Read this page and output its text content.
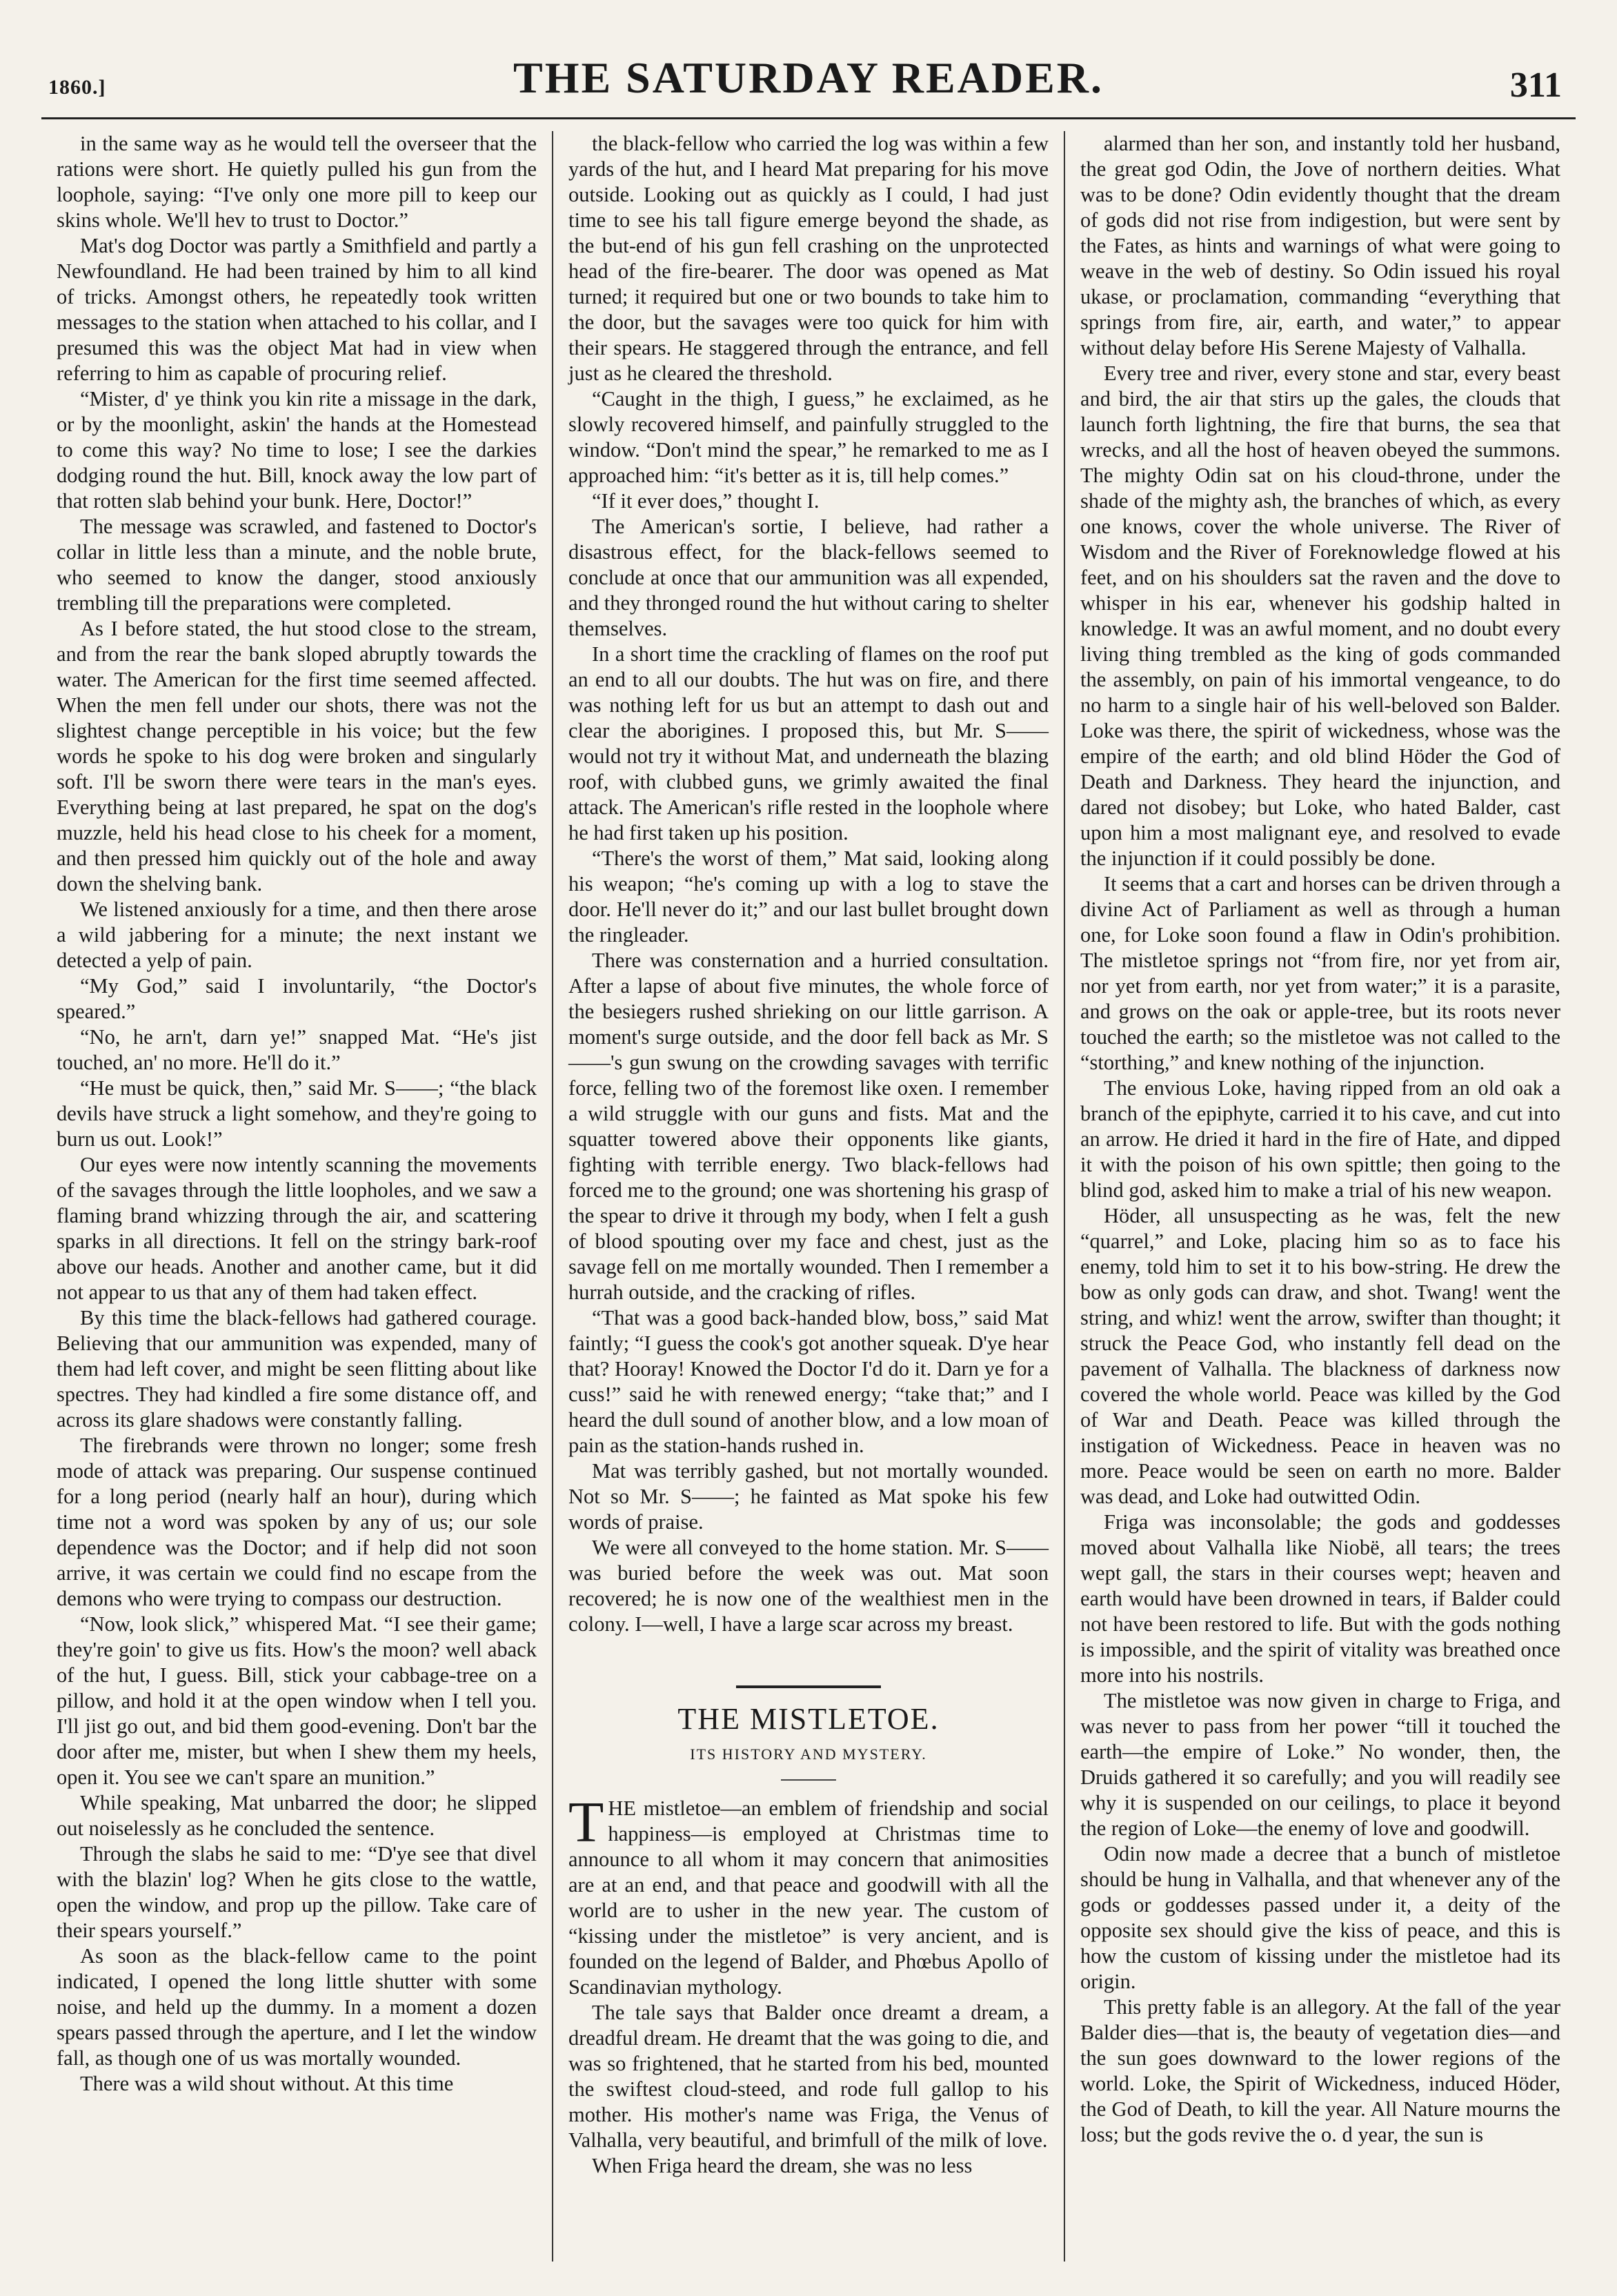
1860.]	THE SATURDAY READER.	311

in the same way as he would tell the overseer that the rations were short. He quietly pulled his gun from the loophole, saying: “I've only one more pill to keep our skins whole. We'll hev to trust to Doctor.”

Mat's dog Doctor was partly a Smithfield and partly a Newfoundland. He had been trained by him to all kind of tricks. Amongst others, he repeatedly took written messages to the station when attached to his collar, and I presumed this was the object Mat had in view when referring to him as capable of procuring relief.

“Mister, d' ye think you kin rite a missage in the dark, or by the moonlight, askin' the hands at the Homestead to come this way? No time to lose; I see the darkies dodging round the hut. Bill, knock away the low part of that rotten slab behind your bunk. Here, Doctor!”

The message was scrawled, and fastened to Doctor's collar in little less than a minute, and the noble brute, who seemed to know the danger, stood anxiously trembling till the preparations were completed.

As I before stated, the hut stood close to the stream, and from the rear the bank sloped abruptly towards the water. The American for the first time seemed affected. When the men fell under our shots, there was not the slightest change perceptible in his voice; but the few words he spoke to his dog were broken and singularly soft. I'll be sworn there were tears in the man's eyes. Everything being at last prepared, he spat on the dog's muzzle, held his head close to his cheek for a moment, and then pressed him quickly out of the hole and away down the shelving bank.

We listened anxiously for a time, and then there arose a wild jabbering for a minute; the next instant we detected a yelp of pain.

“My God,” said I involuntarily, “the Doctor's speared.”

“No, he arn't, darn ye!” snapped Mat. “He's jist touched, an' no more. He'll do it.”

“He must be quick, then,” said Mr. S——; “the black devils have struck a light somehow, and they're going to burn us out. Look!”

Our eyes were now intently scanning the movements of the savages through the little loopholes, and we saw a flaming brand whizzing through the air, and scattering sparks in all directions. It fell on the stringy bark-roof above our heads. Another and another came, but it did not appear to us that any of them had taken effect.

By this time the black-fellows had gathered courage. Believing that our ammunition was expended, many of them had left cover, and might be seen flitting about like spectres. They had kindled a fire some distance off, and across its glare shadows were constantly falling.

The firebrands were thrown no longer; some fresh mode of attack was preparing. Our suspense continued for a long period (nearly half an hour), during which time not a word was spoken by any of us; our sole dependence was the Doctor; and if help did not soon arrive, it was certain we could find no escape from the demons who were trying to compass our destruction.

“Now, look slick,” whispered Mat. “I see their game; they're goin' to give us fits. How's the moon? well aback of the hut, I guess. Bill, stick your cabbage-tree on a pillow, and hold it at the open window when I tell you. I'll jist go out, and bid them good-evening. Don't bar the door after me, mister, but when I shew them my heels, open it. You see we can't spare an munition.”

While speaking, Mat unbarred the door; he slipped out noiselessly as he concluded the sentence.

Through the slabs he said to me: “D'ye see that divel with the blazin' log? When he gits close to the wattle, open the window, and prop up the pillow. Take care of their spears yourself.”

As soon as the black-fellow came to the point indicated, I opened the long little shutter with some noise, and held up the dummy. In a moment a dozen spears passed through the aperture, and I let the window fall, as though one of us was mortally wounded.

There was a wild shout without. At this time

the black-fellow who carried the log was within a few yards of the hut, and I heard Mat preparing for his move outside. Looking out as quickly as I could, I had just time to see his tall figure emerge beyond the shade, as the but-end of his gun fell crashing on the unprotected head of the fire-bearer. The door was opened as Mat turned; it required but one or two bounds to take him to the door, but the savages were too quick for him with their spears. He staggered through the entrance, and fell just as he cleared the threshold.

“Caught in the thigh, I guess,” he exclaimed, as he slowly recovered himself, and painfully struggled to the window. “Don't mind the spear,” he remarked to me as I approached him: “it's better as it is, till help comes.”

“If it ever does,” thought I.

The American's sortie, I believe, had rather a disastrous effect, for the black-fellows seemed to conclude at once that our ammunition was all expended, and they thronged round the hut without caring to shelter themselves.

In a short time the crackling of flames on the roof put an end to all our doubts. The hut was on fire, and there was nothing left for us but an attempt to dash out and clear the aborigines. I proposed this, but Mr. S—— would not try it without Mat, and underneath the blazing roof, with clubbed guns, we grimly awaited the final attack. The American's rifle rested in the loophole where he had first taken up his position.

“There's the worst of them,” Mat said, looking along his weapon; “he's coming up with a log to stave the door. He'll never do it;” and our last bullet brought down the ringleader.

There was consternation and a hurried consultation. After a lapse of about five minutes, the whole force of the besiegers rushed shrieking on our little garrison. A moment's surge outside, and the door fell back as Mr. S——'s gun swung on the crowding savages with terrific force, felling two of the foremost like oxen. I remember a wild struggle with our guns and fists. Mat and the squatter towered above their opponents like giants, fighting with terrible energy. Two black-fellows had forced me to the ground; one was shortening his grasp of the spear to drive it through my body, when I felt a gush of blood spouting over my face and chest, just as the savage fell on me mortally wounded. Then I remember a hurrah outside, and the cracking of rifles.

“That was a good back-handed blow, boss,” said Mat faintly; “I guess the cook's got another squeak. D'ye hear that? Hooray! Knowed the Doctor I'd do it. Darn ye for a cuss!” said he with renewed energy; “take that;” and I heard the dull sound of another blow, and a low moan of pain as the station-hands rushed in.

Mat was terribly gashed, but not mortally wounded. Not so Mr. S——; he fainted as Mat spoke his few words of praise.

We were all conveyed to the home station. Mr. S—— was buried before the week was out. Mat soon recovered; he is now one of the wealthiest men in the colony. I—well, I have a large scar across my breast.

THE MISTLETOE.
ITS HISTORY AND MYSTERY.

THE mistletoe—an emblem of friendship and social happiness—is employed at Christmas time to announce to all whom it may concern that animosities are at an end, and that peace and goodwill with all the world are to usher in the new year. The custom of “kissing under the mistletoe” is very ancient, and is founded on the legend of Balder, and Phœbus Apollo of Scandinavian mythology.

The tale says that Balder once dreamt a dream, a dreadful dream. He dreamt that the was going to die, and was so frightened, that he started from his bed, mounted the swiftest cloud-steed, and rode full gallop to his mother. His mother's name was Friga, the Venus of Valhalla, very beautiful, and brimfull of the milk of love.

When Friga heard the dream, she was no less

alarmed than her son, and instantly told her husband, the great god Odin, the Jove of northern deities. What was to be done? Odin evidently thought that the dream of gods did not rise from indigestion, but were sent by the Fates, as hints and warnings of what were going to weave in the web of destiny. So Odin issued his royal ukase, or proclamation, commanding “everything that springs from fire, air, earth, and water,” to appear without delay before His Serene Majesty of Valhalla.

Every tree and river, every stone and star, every beast and bird, the air that stirs up the gales, the clouds that launch forth lightning, the fire that burns, the sea that wrecks, and all the host of heaven obeyed the summons. The mighty Odin sat on his cloud-throne, under the shade of the mighty ash, the branches of which, as every one knows, cover the whole universe. The River of Wisdom and the River of Foreknowledge flowed at his feet, and on his shoulders sat the raven and the dove to whisper in his ear, whenever his godship halted in knowledge. It was an awful moment, and no doubt every living thing trembled as the king of gods commanded the assembly, on pain of his immortal vengeance, to do no harm to a single hair of his well-beloved son Balder. Loke was there, the spirit of wickedness, whose was the empire of the earth; and old blind Höder the God of Death and Darkness. They heard the injunction, and dared not disobey; but Loke, who hated Balder, cast upon him a most malignant eye, and resolved to evade the injunction if it could possibly be done.

It seems that a cart and horses can be driven through a divine Act of Parliament as well as through a human one, for Loke soon found a flaw in Odin's prohibition. The mistletoe springs not “from fire, nor yet from air, nor yet from earth, nor yet from water;” it is a parasite, and grows on the oak or apple-tree, but its roots never touched the earth; so the mistletoe was not called to the “storthing,” and knew nothing of the injunction.

The envious Loke, having ripped from an old oak a branch of the epiphyte, carried it to his cave, and cut into an arrow. He dried it hard in the fire of Hate, and dipped it with the poison of his own spittle; then going to the blind god, asked him to make a trial of his new weapon.

Höder, all unsuspecting as he was, felt the new “quarrel,” and Loke, placing him so as to face his enemy, told him to set it to his bow-string. He drew the bow as only gods can draw, and shot. Twang! went the string, and whiz! went the arrow, swifter than thought; it struck the Peace God, who instantly fell dead on the pavement of Valhalla. The blackness of darkness now covered the whole world. Peace was killed by the God of War and Death. Peace was killed through the instigation of Wickedness. Peace in heaven was no more. Peace would be seen on earth no more. Balder was dead, and Loke had outwitted Odin.

Friga was inconsolable; the gods and goddesses moved about Valhalla like Niobë, all tears; the trees wept gall, the stars in their courses wept; heaven and earth would have been drowned in tears, if Balder could not have been restored to life. But with the gods nothing is impossible, and the spirit of vitality was breathed once more into his nostrils.

The mistletoe was now given in charge to Friga, and was never to pass from her power “till it touched the earth—the empire of Loke.” No wonder, then, the Druids gathered it so carefully; and you will readily see why it is suspended on our ceilings, to place it beyond the region of Loke—the enemy of love and goodwill.

Odin now made a decree that a bunch of mistletoe should be hung in Valhalla, and that whenever any of the gods or goddesses passed under it, a deity of the opposite sex should give the kiss of peace, and this is how the custom of kissing under the mistletoe had its origin.

This pretty fable is an allegory. At the fall of the year Balder dies—that is, the beauty of vegetation dies—and the sun goes downward to the lower regions of the world. Loke, the Spirit of Wickedness, induced Höder, the God of Death, to kill the year. All Nature mourns the loss; but the gods revive the o. d year, the sun is
